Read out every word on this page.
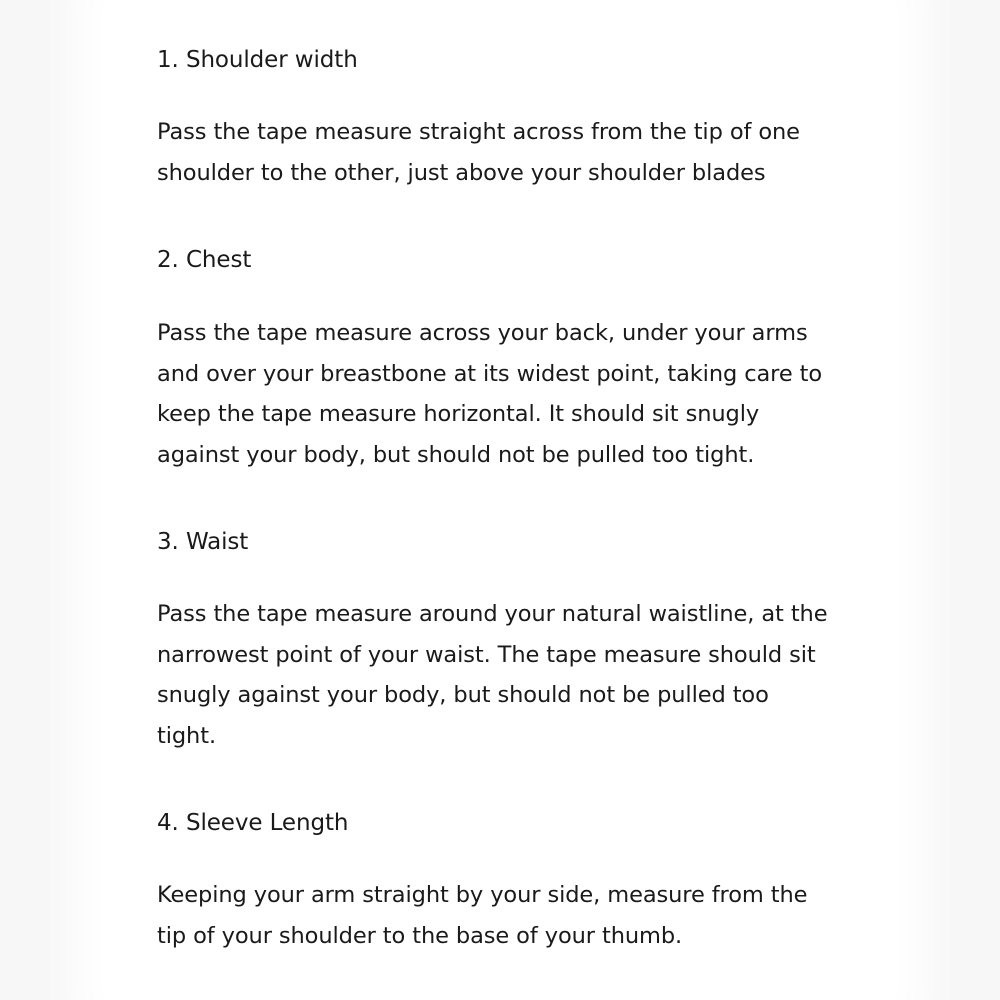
1. Shoulder width
Pass the tape measure straight across from the tip of one
shoulder to the other, just above your shoulder blades
2. Chest
Pass the tape measure across your back, under your arms
and over your breastbone at its widest point, taking care to
keep the tape measure horizontal. It should sit snugly
against your body, but should not be pulled too tight.
3. Waist
Pass the tape measure around your natural waistline, at the
narrowest point of your waist. The tape measure should sit
snugly against your body, but should not be pulled too
tight.
4. Sleeve Length
Keeping your arm straight by your side, measure from the
tip of your shoulder to the base of your thumb.
